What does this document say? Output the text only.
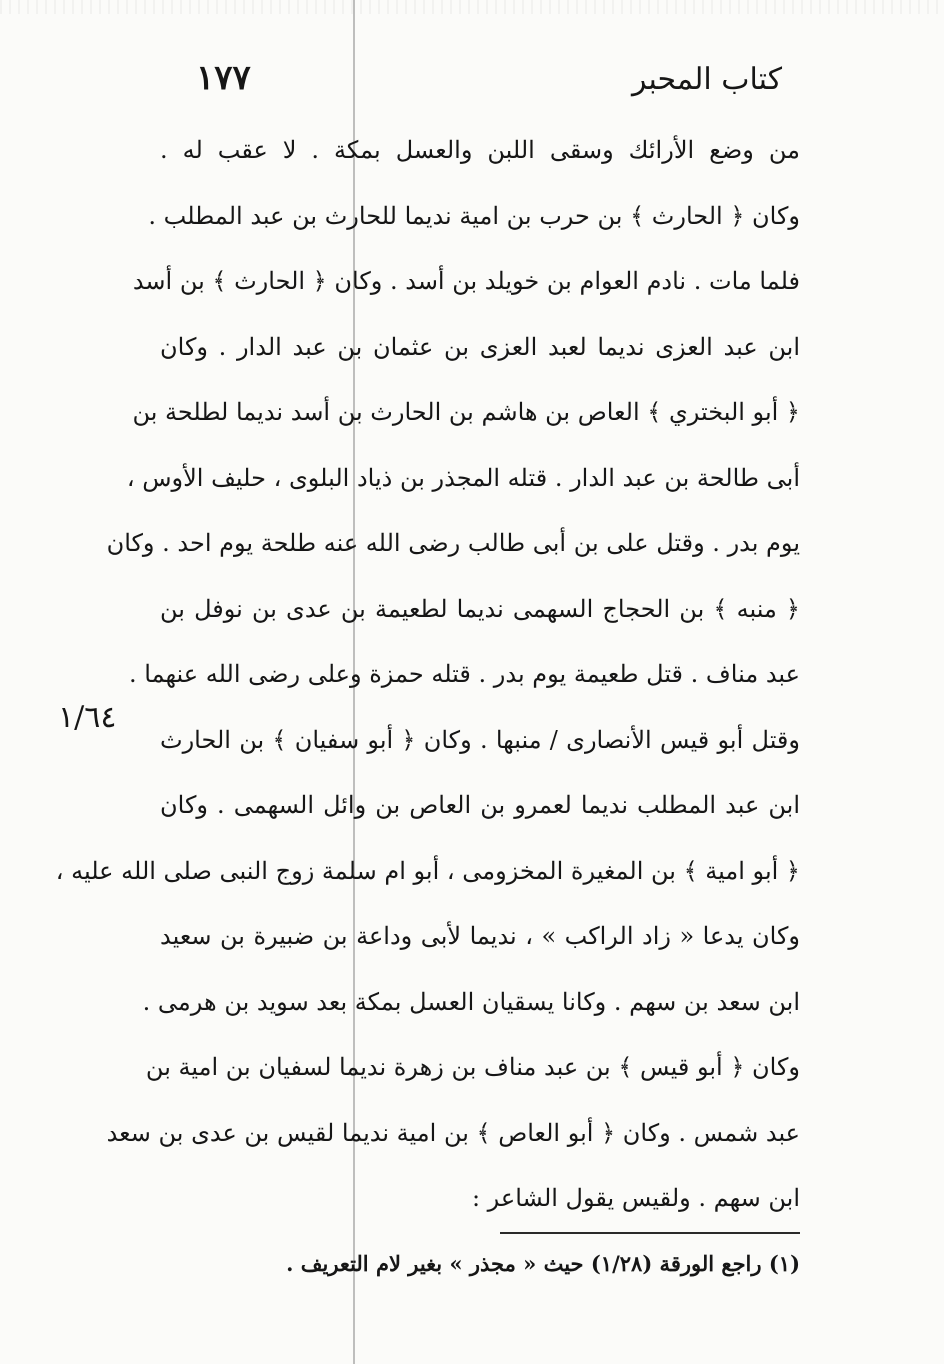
١٧٧	كتاب المحبر
١/٦٤
من وضع الأرائك وسقى اللبن والعسل بمكة . لا عقب له .
وكان ﴿ الحارث ﴾ بن حرب بن امية نديما للحارث بن عبد المطلب .
فلما مات . نادم العوام بن خويلد بن أسد . وكان ﴿ الحارث ﴾ بن أسد
ابن عبد العزى نديما لعبد العزى بن عثمان بن عبد الدار . وكان
﴿ أبو البختري ﴾ العاص بن هاشم بن الحارث بن أسد نديما لطلحة بن
أبى طالحة بن عبد الدار . قتله المجذر بن ذياد البلوى ، حليف الأوس ،
يوم بدر . وقتل على بن أبى طالب رضى الله عنه طلحة يوم احد . وكان
﴿ منبه ﴾ بن الحجاج السهمى نديما لطعيمة بن عدى بن نوفل بن
عبد مناف . قتل طعيمة يوم بدر . قتله حمزة وعلى رضى الله عنهما .
وقتل أبو قيس الأنصارى / منبها . وكان ﴿ أبو سفيان ﴾ بن الحارث
ابن عبد المطلب نديما لعمرو بن العاص بن وائل السهمى . وكان
﴿ أبو امية ﴾ بن المغيرة المخزومى ، أبو ام سلمة زوج النبى صلى الله عليه ،
وكان يدعا « زاد الراكب » ، نديما لأبى وداعة بن ضبيرة بن سعيد
ابن سعد بن سهم . وكانا يسقيان العسل بمكة بعد سويد بن هرمى .
وكان ﴿ أبو قيس ﴾ بن عبد مناف بن زهرة نديما لسفيان بن امية بن
عبد شمس . وكان ﴿ أبو العاص ﴾ بن امية نديما لقيس بن عدى بن سعد
ابن سهم . ولقيس يقول الشاعر :
(١) راجع الورقة (١/٢٨) حيث « مجذر » بغير لام التعريف .
